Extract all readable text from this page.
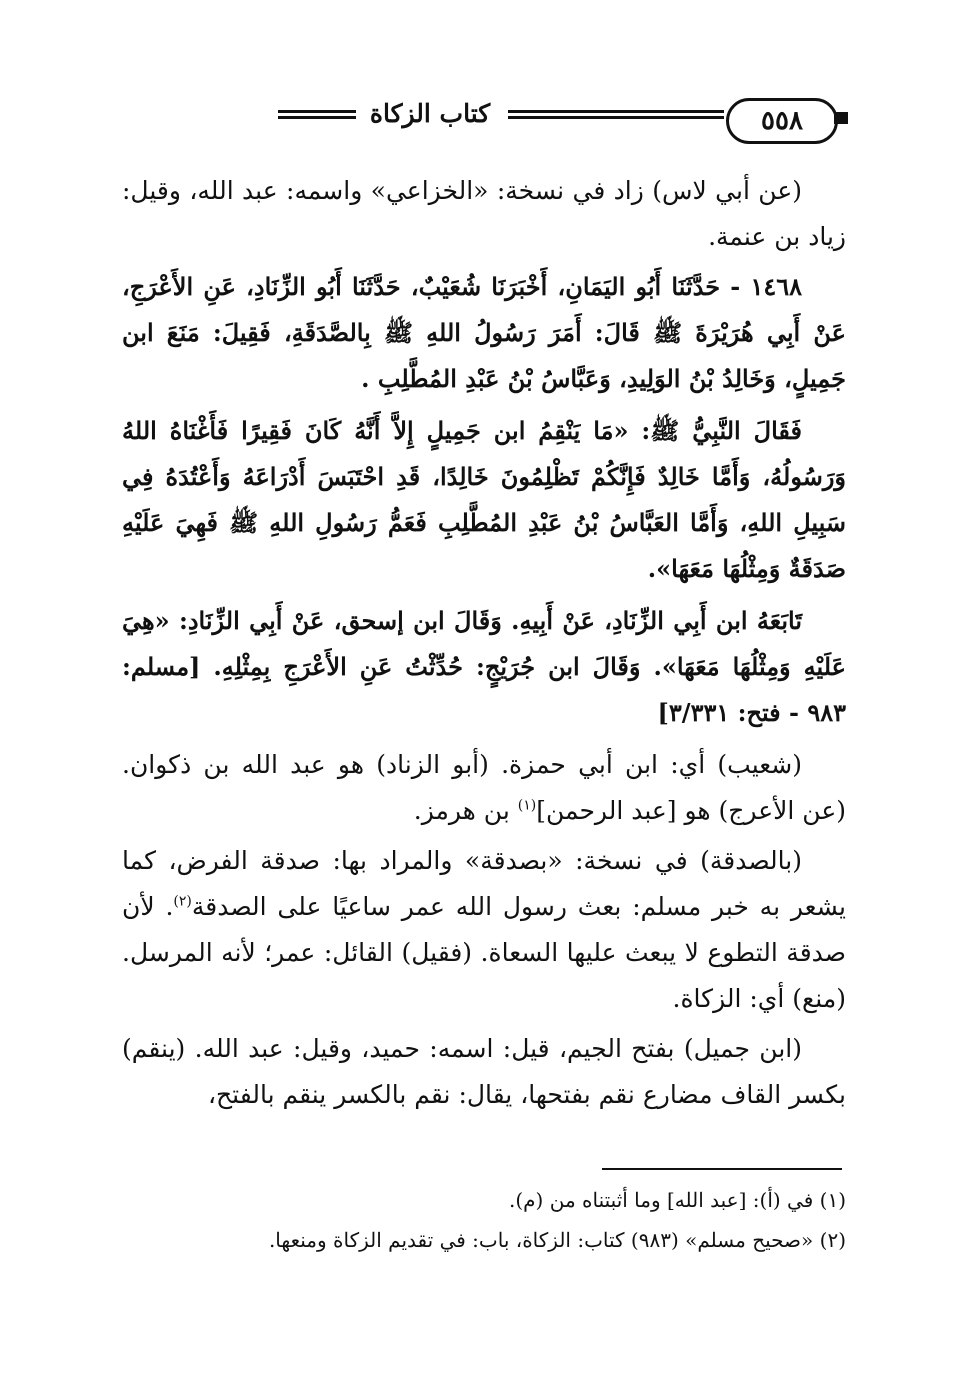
٥٥٨
كتاب الزكاة

(عن أبي لاس) زاد في نسخة: «الخزاعي» واسمه: عبد الله، وقيل: زياد بن عنمة.

١٤٦٨ - حَدَّثَنَا أَبُو اليَمَانِ، أَخْبَرَنَا شُعَيْبٌ، حَدَّثَنَا أَبُو الزِّنَادِ، عَنِ الأَعْرَجِ، عَنْ أَبِي هُرَيْرَةَ ﷺ قَالَ: أَمَرَ رَسُولُ اللهِ ﷺ بِالصَّدَقَةِ، فَقِيلَ: مَنَعَ ابن جَمِيلٍ، وَخَالِدُ بْنُ الوَلِيدِ، وَعَبَّاسُ بْنُ عَبْدِ المُطَّلِبِ .

فَقَالَ النَّبِيُّ ﷺ: «مَا يَنْقِمُ ابن جَمِيلٍ إِلاَّ أَنَّهُ كَانَ فَقِيرًا فَأَغْنَاهُ اللهُ وَرَسُولُهُ، وَأَمَّا خَالِدٌ فَإِنَّكُمْ تَظْلِمُونَ خَالِدًا، قَدِ احْتَبَسَ أَدْرَاعَهُ وَأَعْتُدَهُ فِي سَبِيلِ اللهِ، وَأَمَّا العَبَّاسُ بْنُ عَبْدِ المُطَّلِبِ فَعَمُّ رَسُولِ اللهِ ﷺ فَهِيَ عَلَيْهِ صَدَقَةٌ وَمِثْلُهَا مَعَهَا».

تَابَعَهُ ابن أَبِي الزِّنَادِ، عَنْ أَبِيهِ. وَقَالَ ابن إسحق، عَنْ أَبِي الزِّنَادِ: «هِيَ عَلَيْهِ وَمِثْلُهَا مَعَهَا». وَقَالَ ابن جُرَيْجٍ: حُدِّثْتُ عَنِ الأَعْرَجِ بِمِثْلِهِ. [مسلم: ٩٨٣ - فتح: ٣/٣٣١]

(شعيب) أي: ابن أبي حمزة. (أبو الزناد) هو عبد الله بن ذكوان. (عن الأعرج) هو [عبد الرحمن]$^{(١)}$ بن هرمز.

(بالصدقة) في نسخة: «بصدقة» والمراد بها: صدقة الفرض، كما يشعر به خبر مسلم: بعث رسول الله عمر ساعيًا على الصدقة$^{(٢)}$. لأن صدقة التطوع لا يبعث عليها السعاة. (فقيل) القائل: عمر؛ لأنه المرسل. (منع) أي: الزكاة.

(ابن جميل) بفتح الجيم، قيل: اسمه: حميد، وقيل: عبد الله. (ينقم) بكسر القاف مضارع نقم بفتحها، يقال: نقم بالكسر ينقم بالفتح،

(١) في (أ): [عبد الله] وما أثبتناه من (م).

(٢) «صحيح مسلم» (٩٨٣) كتاب: الزكاة، باب: في تقديم الزكاة ومنعها.
